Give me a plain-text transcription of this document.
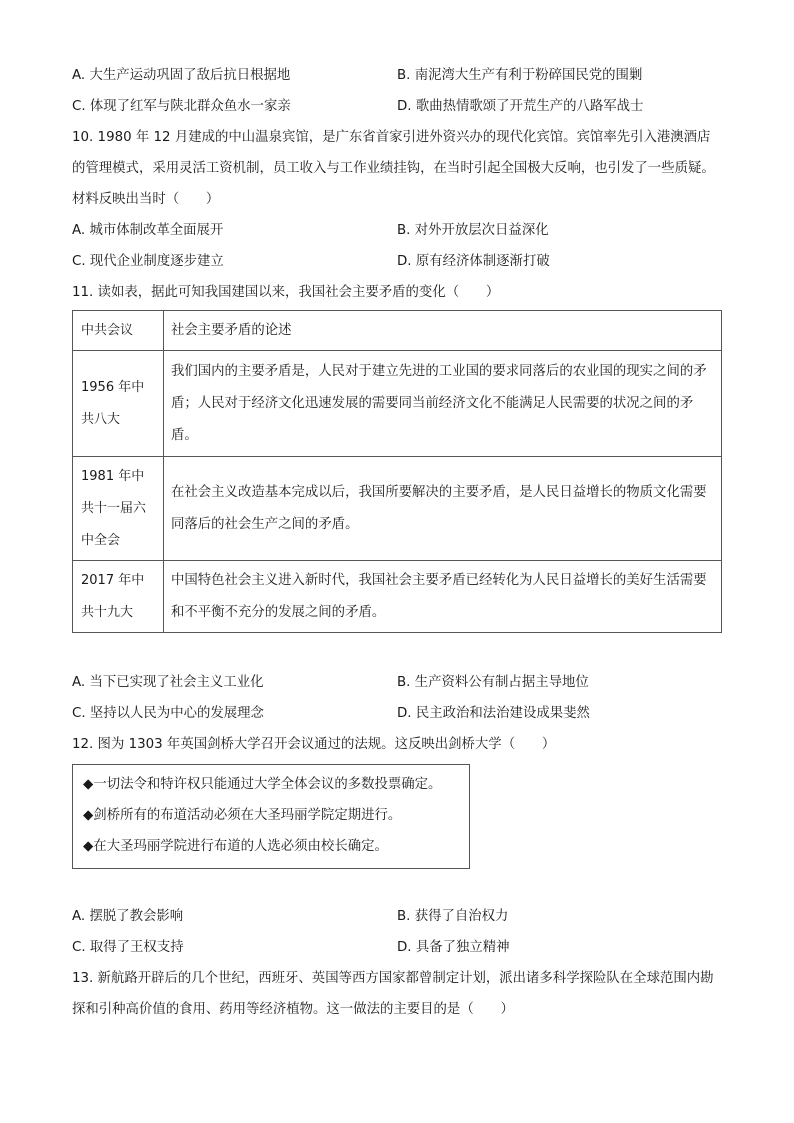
A. 大生产运动巩固了敌后抗日根据地	B. 南泥湾大生产有利于粉碎国民党的围剿
C. 体现了红军与陕北群众鱼水一家亲	D. 歌曲热情歌颂了开荒生产的八路军战士
10. 1980 年 12 月建成的中山温泉宾馆，是广东省首家引进外资兴办的现代化宾馆。宾馆率先引入港澳酒店的管理模式，采用灵活工资机制，员工收入与工作业绩挂钩，在当时引起全国极大反响，也引发了一些质疑。材料反映出当时（　　）
A. 城市体制改革全面展开	B. 对外开放层次日益深化
C. 现代企业制度逐步建立	D. 原有经济体制逐渐打破
11. 读如表，据此可知我国建国以来，我国社会主要矛盾的变化（　　）
中共会议	社会主要矛盾的论述
1956 年中共八大	我们国内的主要矛盾是，人民对于建立先进的工业国的要求同落后的农业国的现实之间的矛盾；人民对于经济文化迅速发展的需要同当前经济文化不能满足人民需要的状况之间的矛盾。
1981 年中共十一届六中全会	在社会主义改造基本完成以后，我国所要解决的主要矛盾，是人民日益增长的物质文化需要同落后的社会生产之间的矛盾。
2017 年中共十九大	中国特色社会主义进入新时代，我国社会主要矛盾已经转化为人民日益增长的美好生活需要和不平衡不充分的发展之间的矛盾。
A. 当下已实现了社会主义工业化	B. 生产资料公有制占据主导地位
C. 坚持以人民为中心的发展理念	D. 民主政治和法治建设成果斐然
12. 图为 1303 年英国剑桥大学召开会议通过的法规。这反映出剑桥大学（　　）
◆一切法令和特许权只能通过大学全体会议的多数投票确定。
◆剑桥所有的布道活动必须在大圣玛丽学院定期进行。
◆在大圣玛丽学院进行布道的人选必须由校长确定。
A. 摆脱了教会影响	B. 获得了自治权力
C. 取得了王权支持	D. 具备了独立精神
13. 新航路开辟后的几个世纪，西班牙、英国等西方国家都曾制定计划，派出诸多科学探险队在全球范围内勘探和引种高价值的食用、药用等经济植物。这一做法的主要目的是（　　）
